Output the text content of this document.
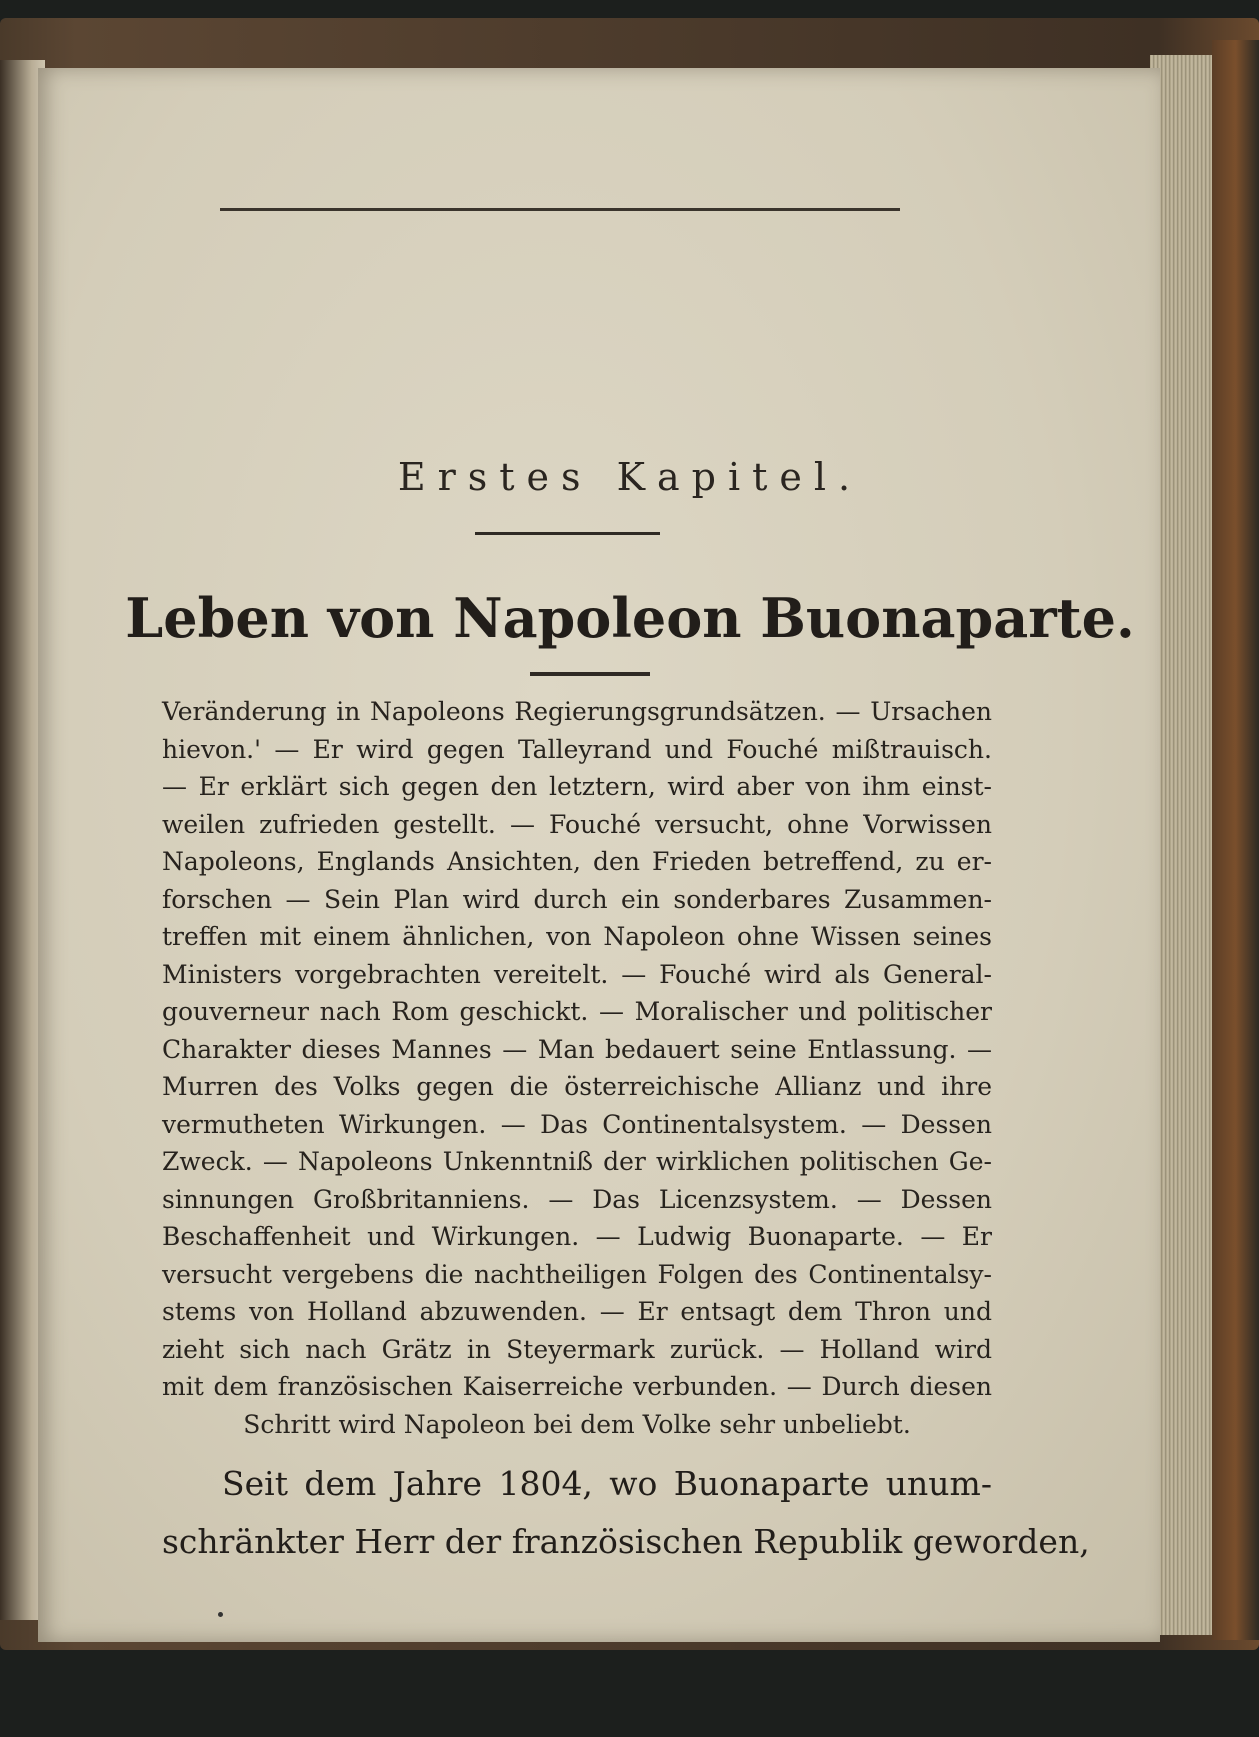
Erstes Kapitel.
Leben von Napoleon Buonaparte.
Veränderung in Napoleons Regierungsgrundsätzen. — Ursachen
hievon.' — Er wird gegen Talleyrand und Fouché mißtrauisch.
— Er erklärt sich gegen den letztern, wird aber von ihm einst-
weilen zufrieden gestellt. — Fouché versucht, ohne Vorwissen
Napoleons, Englands Ansichten, den Frieden betreffend, zu er-
forschen — Sein Plan wird durch ein sonderbares Zusammen-
treffen mit einem ähnlichen, von Napoleon ohne Wissen seines
Ministers vorgebrachten vereitelt. — Fouché wird als General-
gouverneur nach Rom geschickt. — Moralischer und politischer
Charakter dieses Mannes — Man bedauert seine Entlassung. —
Murren des Volks gegen die österreichische Allianz und ihre
vermutheten Wirkungen. — Das Continentalsystem. — Dessen
Zweck. — Napoleons Unkenntniß der wirklichen politischen Ge-
sinnungen Großbritanniens. — Das Licenzsystem. — Dessen
Beschaffenheit und Wirkungen. — Ludwig Buonaparte. — Er
versucht vergebens die nachtheiligen Folgen des Continentalsy-
stems von Holland abzuwenden. — Er entsagt dem Thron und
zieht sich nach Grätz in Steyermark zurück. — Holland wird
mit dem französischen Kaiserreiche verbunden. — Durch diesen
Schritt wird Napoleon bei dem Volke sehr unbeliebt.
Seit dem Jahre 1804, wo Buonaparte unum-
schränkter Herr der französischen Republik geworden,
